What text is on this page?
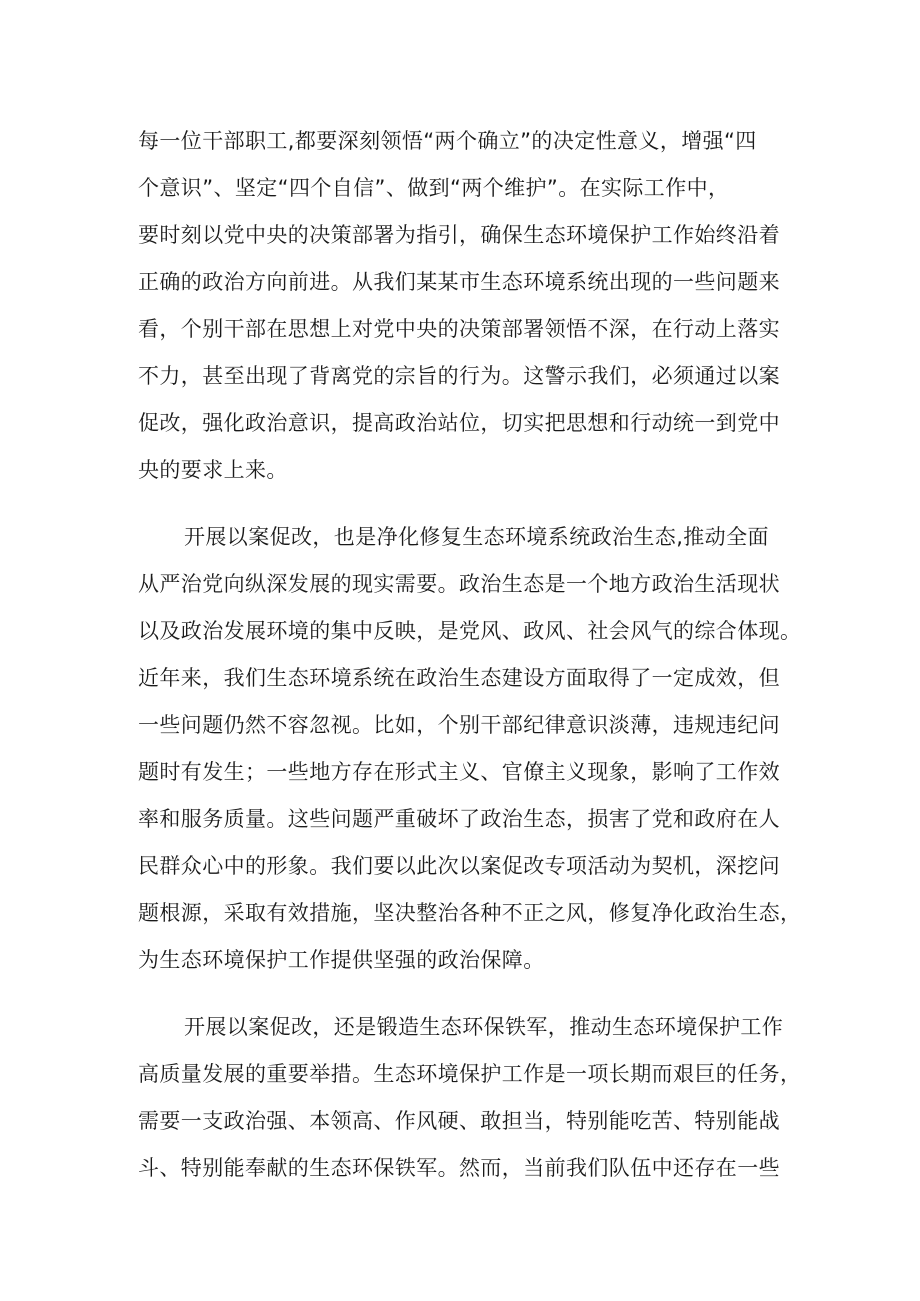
每一位干部职工,都要深刻领悟“两个确立”的决定性意义，增强“四
个意识”、坚定“四个自信”、做到“两个维护”。在实际工作中，
要时刻以党中央的决策部署为指引，确保生态环境保护工作始终沿着
正确的政治方向前进。从我们某某市生态环境系统出现的一些问题来
看，个别干部在思想上对党中央的决策部署领悟不深，在行动上落实
不力，甚至出现了背离党的宗旨的行为。这警示我们，必须通过以案
促改，强化政治意识，提高政治站位，切实把思想和行动统一到党中
央的要求上来。
开展以案促改，也是净化修复生态环境系统政治生态,推动全面
从严治党向纵深发展的现实需要。政治生态是一个地方政治生活现状
以及政治发展环境的集中反映，是党风、政风、社会风气的综合体现。
近年来，我们生态环境系统在政治生态建设方面取得了一定成效，但
一些问题仍然不容忽视。比如，个别干部纪律意识淡薄，违规违纪问
题时有发生；一些地方存在形式主义、官僚主义现象，影响了工作效
率和服务质量。这些问题严重破坏了政治生态，损害了党和政府在人
民群众心中的形象。我们要以此次以案促改专项活动为契机，深挖问
题根源，采取有效措施，坚决整治各种不正之风，修复净化政治生态，
为生态环境保护工作提供坚强的政治保障。
开展以案促改，还是锻造生态环保铁军，推动生态环境保护工作
高质量发展的重要举措。生态环境保护工作是一项长期而艰巨的任务，
需要一支政治强、本领高、作风硬、敢担当，特别能吃苦、特别能战
斗、特别能奉献的生态环保铁军。然而，当前我们队伍中还存在一些
